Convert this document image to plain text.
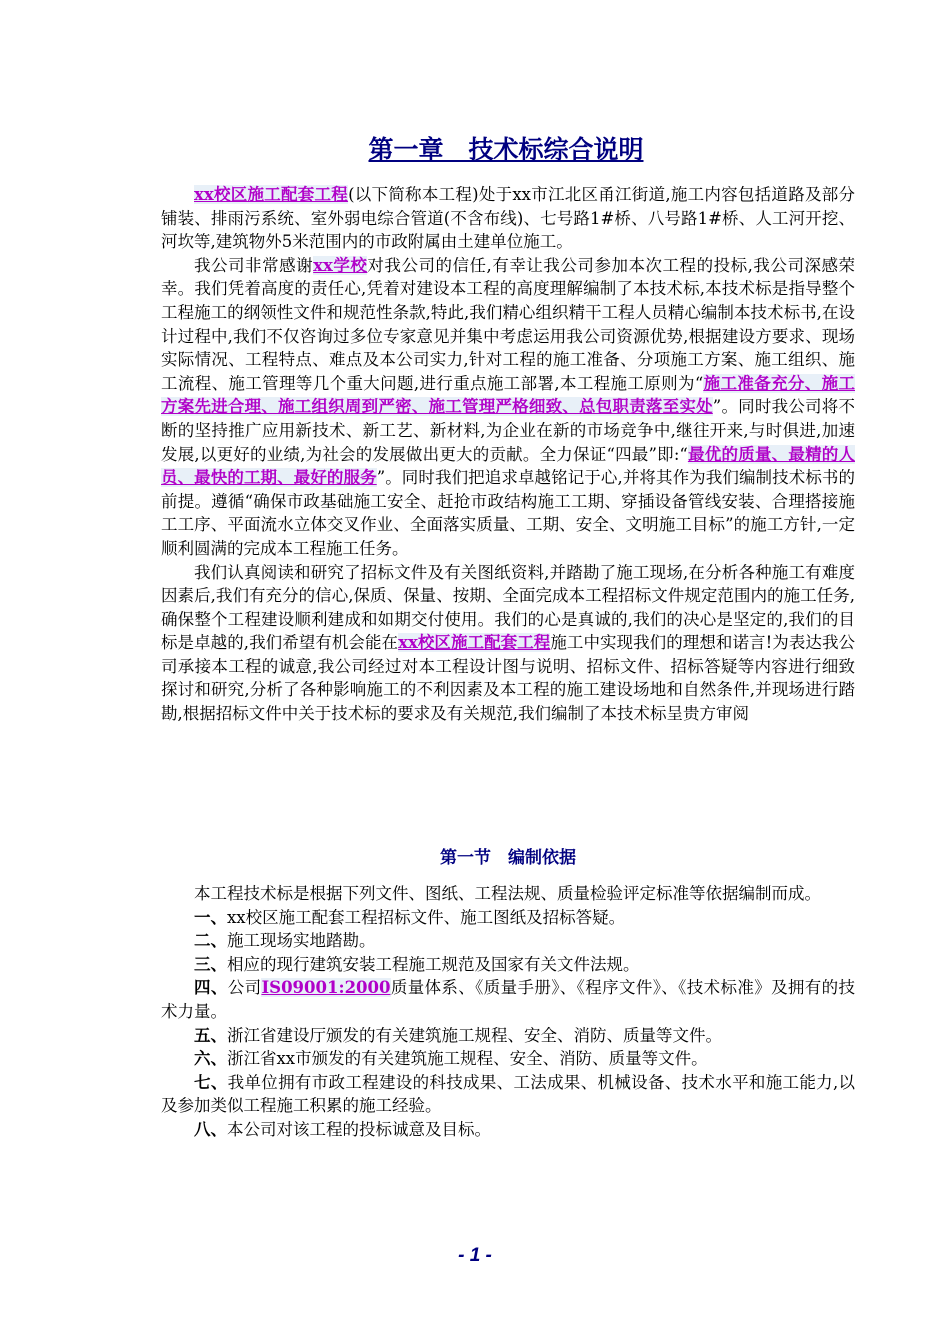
第一章　技术标综合说明

xx校区施工配套工程(以下简称本工程)处于xx市江北区甬江街道,施工内容包括道路及部分铺装、排雨污系统、室外弱电综合管道(不含布线)、七号路1#桥、八号路1#桥、人工河开挖、河坎等,建筑物外5米范围内的市政附属由土建单位施工。

我公司非常感谢xx学校对我公司的信任,有幸让我公司参加本次工程的投标,我公司深感荣幸。我们凭着高度的责任心,凭着对建设本工程的高度理解编制了本技术标,本技术标是指导整个工程施工的纲领性文件和规范性条款,特此,我们精心组织精干工程人员精心编制本技术标书,在设计过程中,我们不仅咨询过多位专家意见并集中考虑运用我公司资源优势,根据建设方要求、现场实际情况、工程特点、难点及本公司实力,针对工程的施工准备、分项施工方案、施工组织、施工流程、施工管理等几个重大问题,进行重点施工部署,本工程施工原则为“施工准备充分、施工方案先进合理、施工组织周到严密、施工管理严格细致、总包职责落至实处”。同时我公司将不断的坚持推广应用新技术、新工艺、新材料,为企业在新的市场竞争中,继往开来,与时俱进,加速发展,以更好的业绩,为社会的发展做出更大的贡献。全力保证“四最”即:“最优的质量、最精的人员、最快的工期、最好的服务”。同时我们把追求卓越铭记于心,并将其作为我们编制技术标书的前提。遵循“确保市政基础施工安全、赶抢市政结构施工工期、穿插设备管线安装、合理搭接施工工序、平面流水立体交叉作业、全面落实质量、工期、安全、文明施工目标”的施工方针,一定顺利圆满的完成本工程施工任务。

我们认真阅读和研究了招标文件及有关图纸资料,并踏勘了施工现场,在分析各种施工有难度因素后,我们有充分的信心,保质、保量、按期、全面完成本工程招标文件规定范围内的施工任务,确保整个工程建设顺利建成和如期交付使用。我们的心是真诚的,我们的决心是坚定的,我们的目标是卓越的,我们希望有机会能在xx校区施工配套工程施工中实现我们的理想和诺言!为表达我公司承接本工程的诚意,我公司经过对本工程设计图与说明、招标文件、招标答疑等内容进行细致探讨和研究,分析了各种影响施工的不利因素及本工程的施工建设场地和自然条件,并现场进行踏勘,根据招标文件中关于技术标的要求及有关规范,我们编制了本技术标呈贵方审阅

第一节　编制依据

本工程技术标是根据下列文件、图纸、工程法规、质量检验评定标准等依据编制而成。

一、xx校区施工配套工程招标文件、施工图纸及招标答疑。

二、施工现场实地踏勘。

三、相应的现行建筑安装工程施工规范及国家有关文件法规。

四、公司IS09001:2000质量体系、《质量手册》、《程序文件》、《技术标准》及拥有的技术力量。

五、浙江省建设厅颁发的有关建筑施工规程、安全、消防、质量等文件。

六、浙江省xx市颁发的有关建筑施工规程、安全、消防、质量等文件。

七、我单位拥有市政工程建设的科技成果、工法成果、机械设备、技术水平和施工能力,以及参加类似工程施工积累的施工经验。

八、本公司对该工程的投标诚意及目标。

- 1 -
